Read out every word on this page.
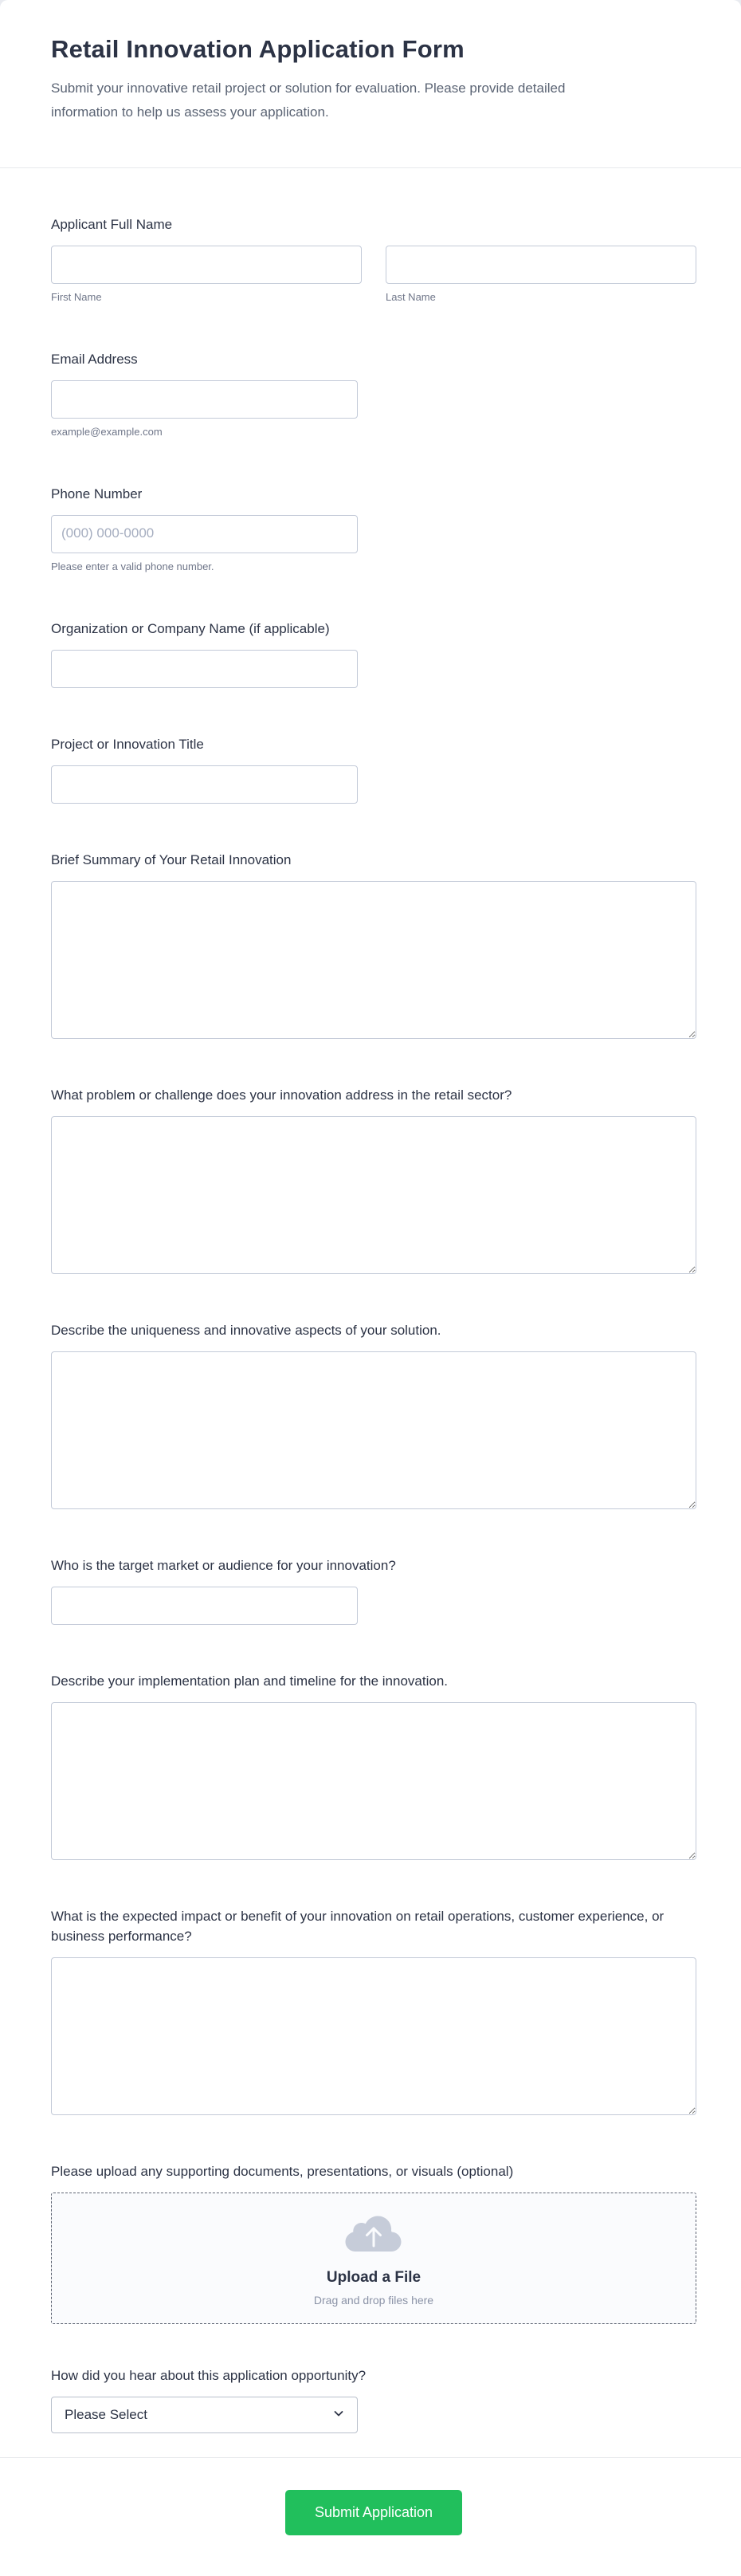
Retail Innovation Application Form

Submit your innovative retail project or solution for evaluation. Please provide detailed information to help us assess your application.

Applicant Full Name
First Name	Last Name
Email Address
example@example.com
Phone Number
(000) 000-0000
Please enter a valid phone number.
Organization or Company Name (if applicable)
Project or Innovation Title
Brief Summary of Your Retail Innovation
What problem or challenge does your innovation address in the retail sector?
Describe the uniqueness and innovative aspects of your solution.
Who is the target market or audience for your innovation?
Describe your implementation plan and timeline for the innovation.
What is the expected impact or benefit of your innovation on retail operations, customer experience, or business performance?
Please upload any supporting documents, presentations, or visuals (optional)
Upload a File
Drag and drop files here
How did you hear about this application opportunity?
Please Select
Submit Application
